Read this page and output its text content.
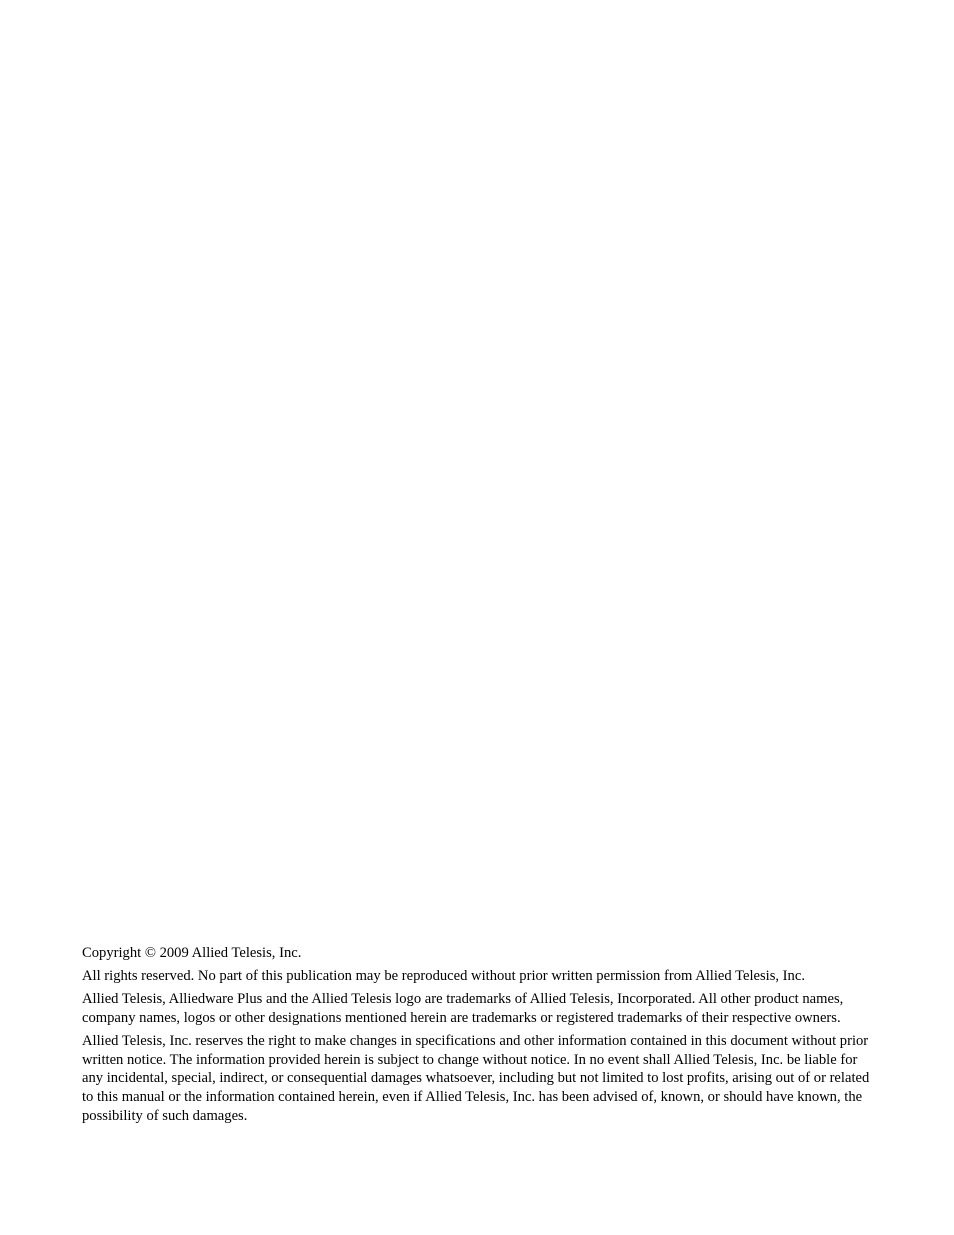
Copyright © 2009 Allied Telesis, Inc.

All rights reserved. No part of this publication may be reproduced without prior written permission from Allied Telesis, Inc.

Allied Telesis, Alliedware Plus and the Allied Telesis logo are trademarks of Allied Telesis, Incorporated. All other product names, company names, logos or other designations mentioned herein are trademarks or registered trademarks of their respective owners.

Allied Telesis, Inc. reserves the right to make changes in specifications and other information contained in this document without prior written notice. The information provided herein is subject to change without notice. In no event shall Allied Telesis, Inc. be liable for any incidental, special, indirect, or consequential damages whatsoever, including but not limited to lost profits, arising out of or related to this manual or the information contained herein, even if Allied Telesis, Inc. has been advised of, known, or should have known, the possibility of such damages.
